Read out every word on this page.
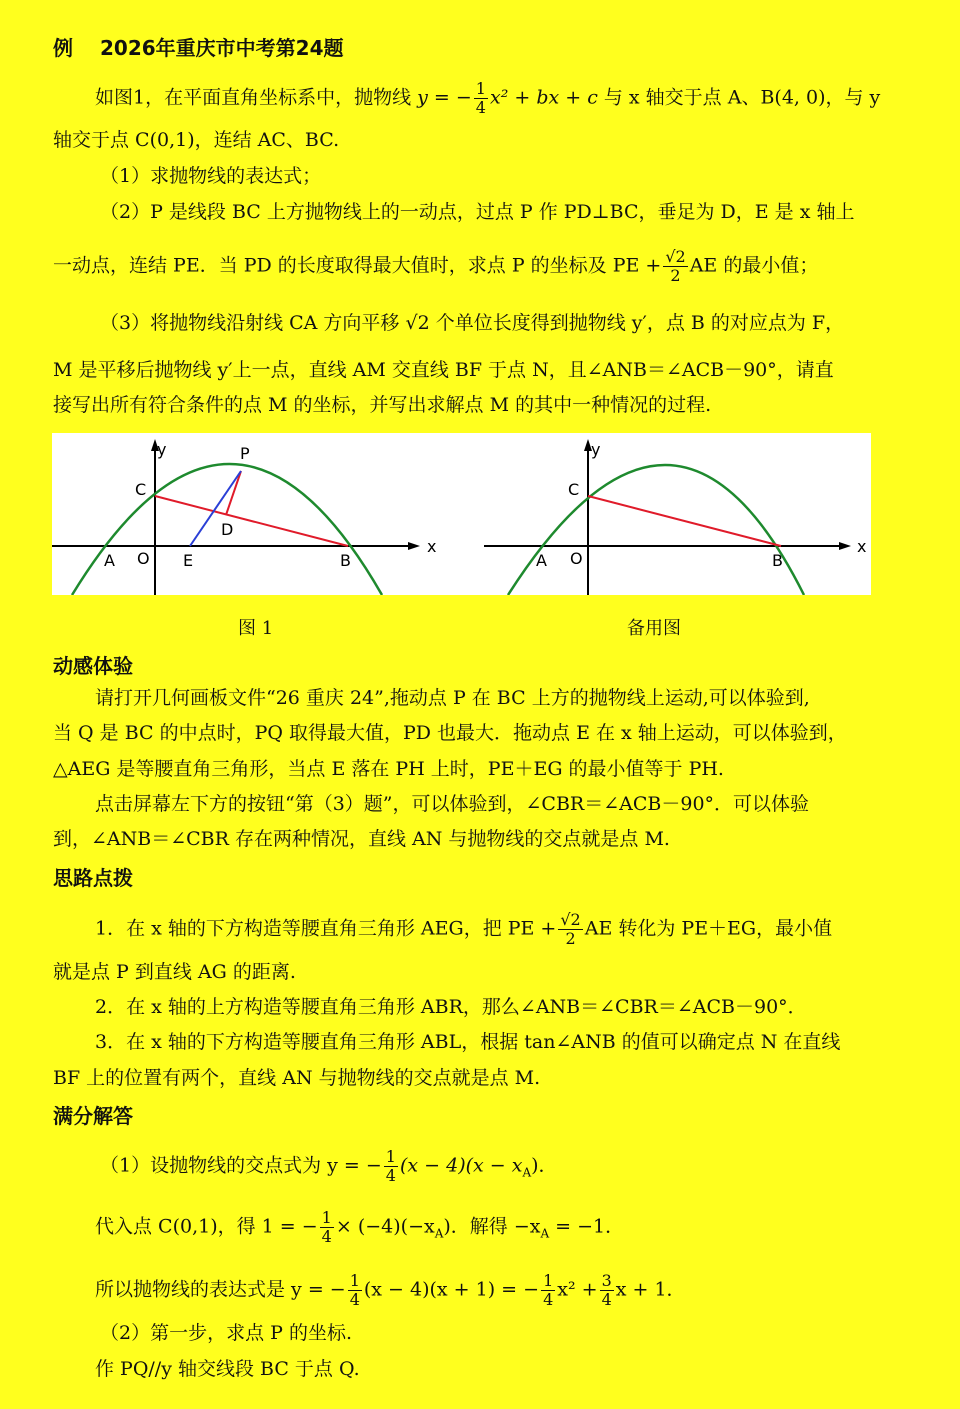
例 2026年重庆市中考第24题
如图1，在平面直角坐标系中，抛物线 y = − $\frac{1}{4} x^2$ + bx + c 与 x 轴交于点 A、B(4, 0)，与 y
轴交于点 C(0,1)，连结 AC、BC.
（1）求抛物线的表达式；
（2）P 是线段 BC 上方抛物线上的一动点，过点 P 作 PD⊥BC，垂足为 D，E 是 x 轴上
一动点，连结 PE．当 PD 的长度取得最大值时，求点 P 的坐标及 PE + $\frac{√2}{2}$ AE 的最小值；
（3）将抛物线沿射线 CA 方向平移 √2 个单位长度得到抛物线 y′，点 B 的对应点为 F，
M 是平移后抛物线 y′上一点，直线 AM 交直线 BF 于点 N，且∠ANB＝∠ACB－90°，请直
接写出所有符合条件的点 M 的坐标，并写出求解点 M 的其中一种情况的过程.
y
x
C
P
D
A O E	B
y
x
C
A O	B
图 1	备用图
动感体验
请打开几何画板文件“26 重庆 24”,拖动点 P 在 BC 上方的抛物线上运动,可以体验到,
当 Q 是 BC 的中点时，PQ 取得最大值，PD 也最大．拖动点 E 在 x 轴上运动，可以体验到，
△AEG 是等腰直角三角形，当点 E 落在 PH 上时，PE＋EG 的最小值等于 PH.
点击屏幕左下方的按钮“第（3）题”，可以体验到，∠CBR＝∠ACB－90°．可以体验
到，∠ANB＝∠CBR 存在两种情况，直线 AN 与抛物线的交点就是点 M.
思路点拨
1．在 x 轴的下方构造等腰直角三角形 AEG，把 PE + $\frac{√2}{2}$ AE 转化为 PE＋EG，最小值
就是点 P 到直线 AG 的距离.
2．在 x 轴的上方构造等腰直角三角形 ABR，那么∠ANB＝∠CBR＝∠ACB－90°．
3．在 x 轴的下方构造等腰直角三角形 ABL，根据 tan∠ANB 的值可以确定点 N 在直线
BF 上的位置有两个，直线 AN 与抛物线的交点就是点 M.
满分解答
（1）设抛物线的交点式为 y = − $\frac{1}{4} (x - 4)(x - x_A)$．
代入点 C(0,1)，得 1 = − $\frac{1}{4} \times (-4)(-x_A)$．解得 $-x_A = -1$．
所以抛物线的表达式是 y = − $\frac{1}{4} (x - 4)(x + 1)$ = − $\frac{1}{4} x^2 + \frac{3}{4}$ x + 1．
（2）第一步，求点 P 的坐标.
作 PQ//y 轴交线段 BC 于点 Q.
